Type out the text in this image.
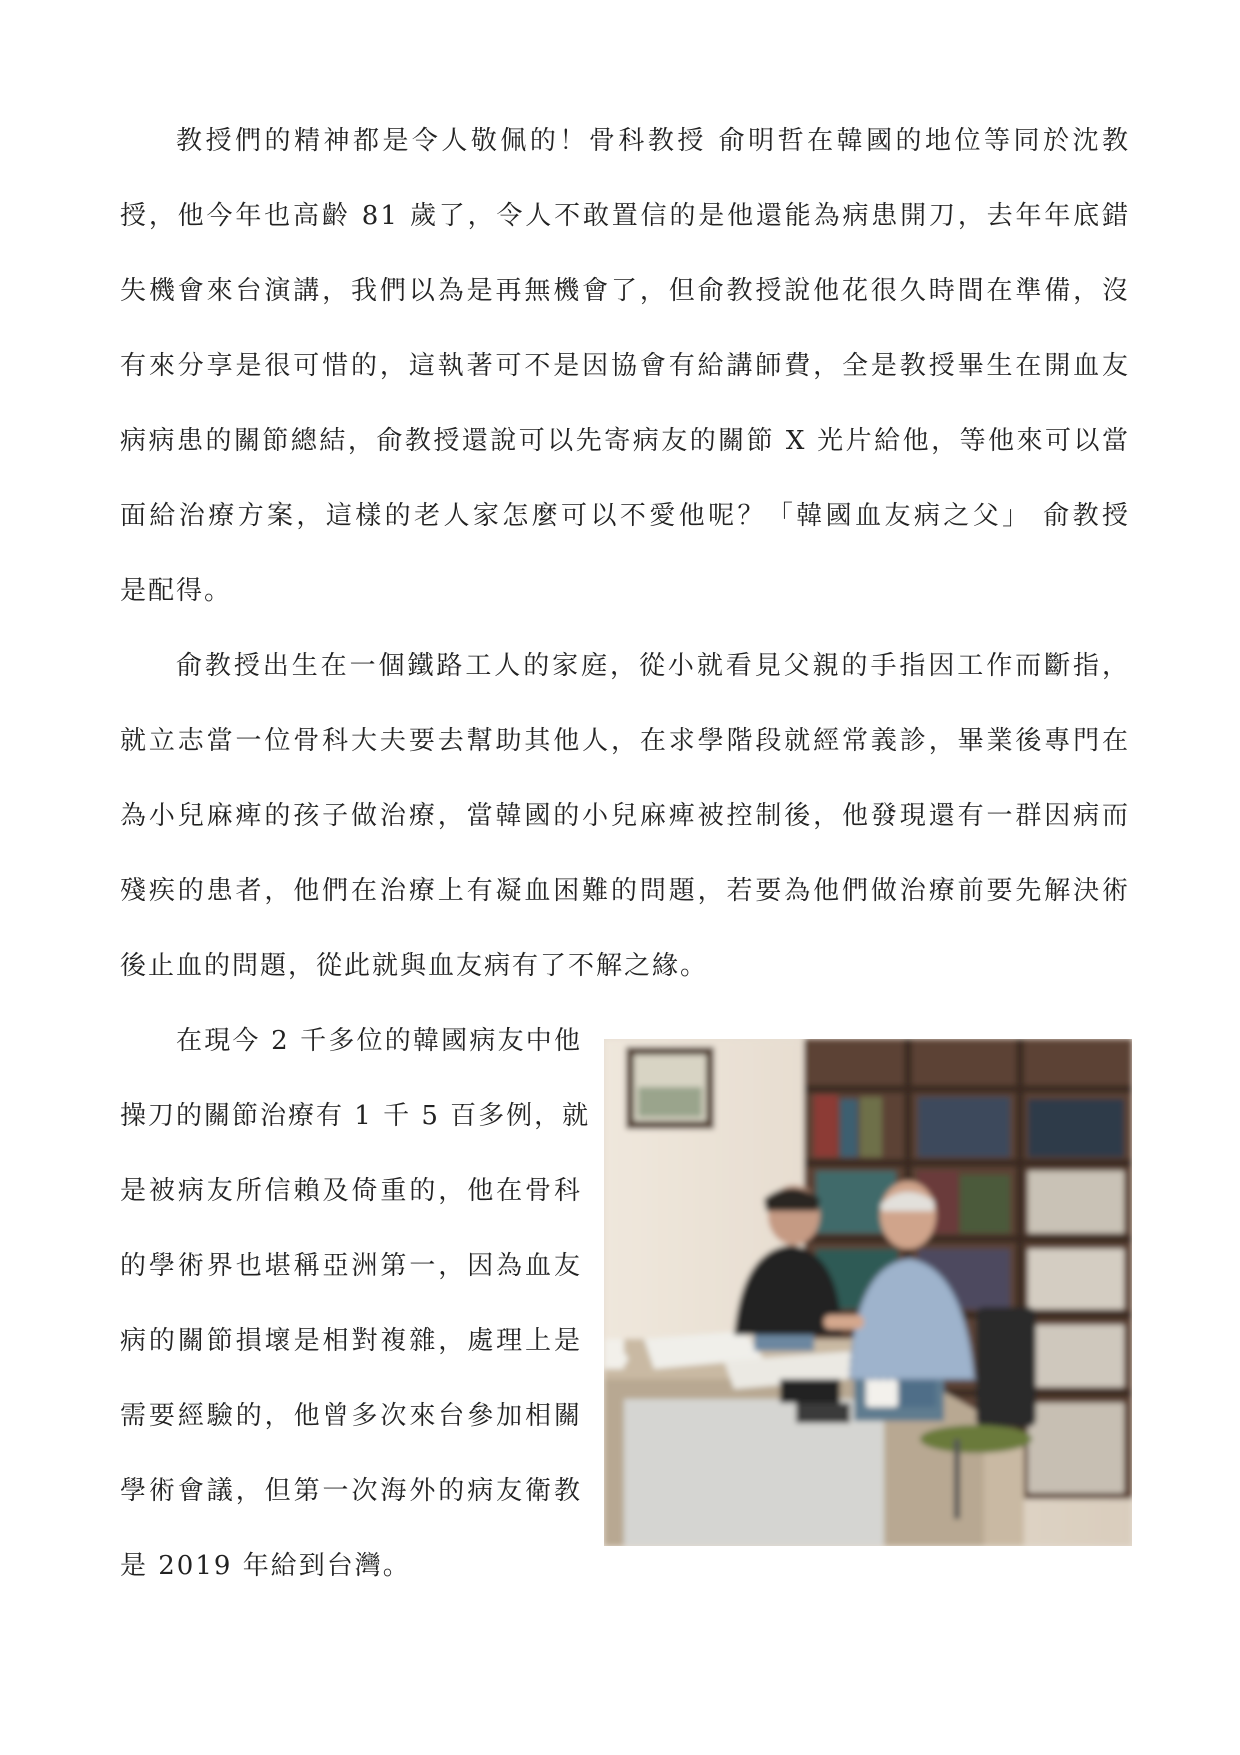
教授們的精神都是令人敬佩的！骨科教授 俞明哲在韓國的地位等同於沈教
授，他今年也高齡 81 歲了，令人不敢置信的是他還能為病患開刀，去年年底錯
失機會來台演講，我們以為是再無機會了，但俞教授說他花很久時間在準備，沒
有來分享是很可惜的，這執著可不是因協會有給講師費，全是教授畢生在開血友
病病患的關節總結，俞教授還說可以先寄病友的關節 X 光片給他，等他來可以當
面給治療方案，這樣的老人家怎麼可以不愛他呢？「韓國血友病之父」 俞教授
是配得。

俞教授出生在一個鐵路工人的家庭，從小就看見父親的手指因工作而斷指，
就立志當一位骨科大夫要去幫助其他人，在求學階段就經常義診，畢業後專門在
為小兒麻痺的孩子做治療，當韓國的小兒麻痺被控制後，他發現還有一群因病而
殘疾的患者，他們在治療上有凝血困難的問題，若要為他們做治療前要先解決術
後止血的問題，從此就與血友病有了不解之緣。

在現今 2 千多位的韓國病友中他
操刀的關節治療有 1 千 5 百多例，就
是被病友所信賴及倚重的，他在骨科
的學術界也堪稱亞洲第一，因為血友
病的關節損壞是相對複雜，處理上是
需要經驗的，他曾多次來台參加相關
學術會議，但第一次海外的病友衛教
是 2019 年給到台灣。
